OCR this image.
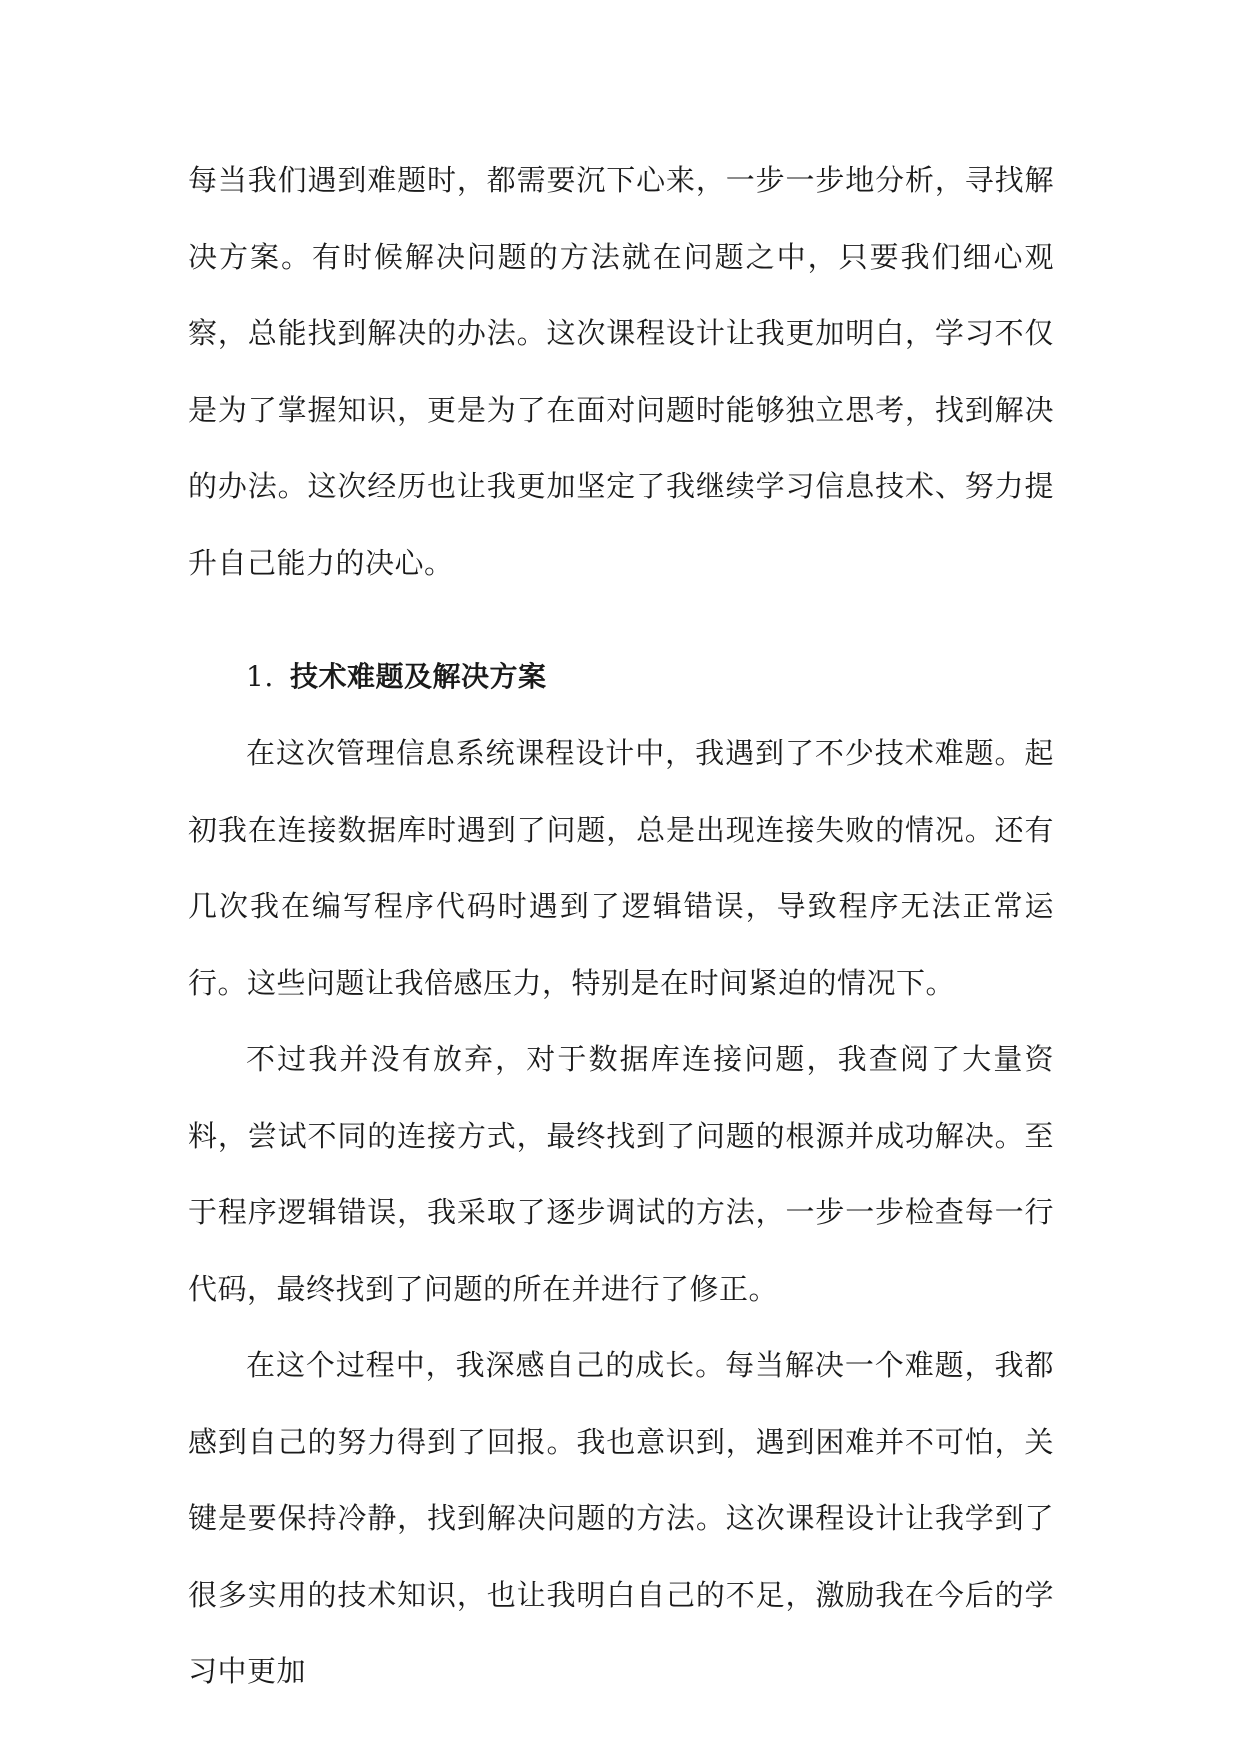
每当我们遇到难题时，都需要沉下心来，一步一步地分析，寻找解决方案。有时候解决问题的方法就在问题之中，只要我们细心观察，总能找到解决的办法。这次课程设计让我更加明白，学习不仅是为了掌握知识，更是为了在面对问题时能够独立思考，找到解决的办法。这次经历也让我更加坚定了我继续学习信息技术、努力提升自己能力的决心。

1. 技术难题及解决方案

在这次管理信息系统课程设计中，我遇到了不少技术难题。起初我在连接数据库时遇到了问题，总是出现连接失败的情况。还有几次我在编写程序代码时遇到了逻辑错误，导致程序无法正常运行。这些问题让我倍感压力，特别是在时间紧迫的情况下。

不过我并没有放弃，对于数据库连接问题，我查阅了大量资料，尝试不同的连接方式，最终找到了问题的根源并成功解决。至于程序逻辑错误，我采取了逐步调试的方法，一步一步检查每一行代码，最终找到了问题的所在并进行了修正。

在这个过程中，我深感自己的成长。每当解决一个难题，我都感到自己的努力得到了回报。我也意识到，遇到困难并不可怕，关键是要保持冷静，找到解决问题的方法。这次课程设计让我学到了很多实用的技术知识，也让我明白自己的不足，激励我在今后的学习中更加
